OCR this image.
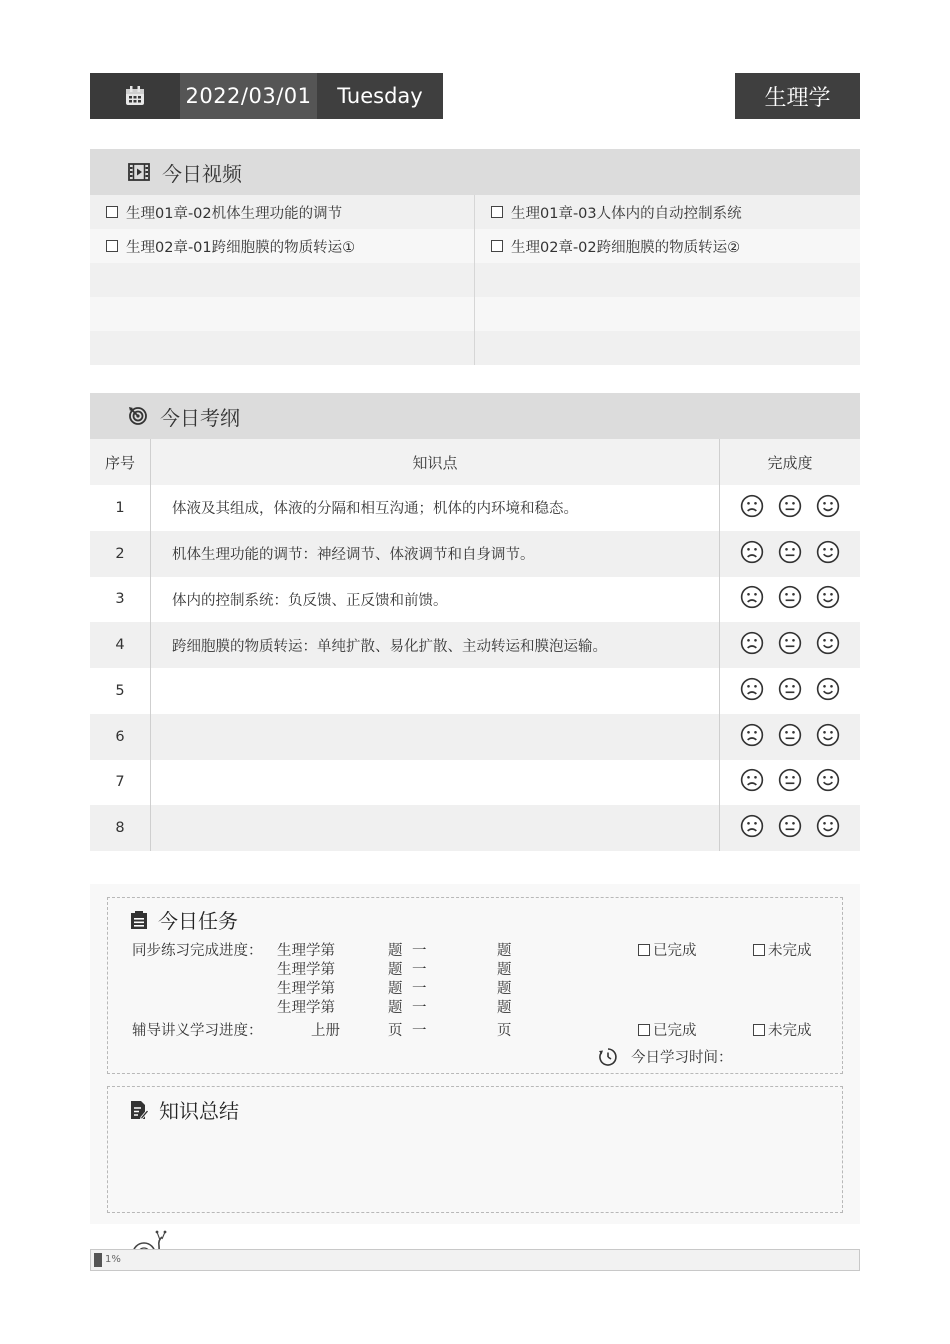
2022/03/01	Tuesday	生理学
今日视频
生理01章-02机体生理功能的调节	生理01章-03人体内的自动控制系统
生理02章-01跨细胞膜的物质转运①	生理02章-02跨细胞膜的物质转运②
今日考纲
序号	知识点	完成度
1	体液及其组成，体液的分隔和相互沟通；机体的内环境和稳态。
2	机体生理功能的调节：神经调节、体液调节和自身调节。
3	体内的控制系统：负反馈、正反馈和前馈。
4	跨细胞膜的物质转运：单纯扩散、易化扩散、主动转运和膜泡运输。
5
6
7
8
今日任务
同步练习完成进度： 生理学第	题 一	题	已完成	未完成
生理学第	题 一	题
生理学第	题 一	题
生理学第	题 一	题
辅导讲义学习进度：	上册	页 一	页	已完成	未完成
今日学习时间：
知识总结
1%
